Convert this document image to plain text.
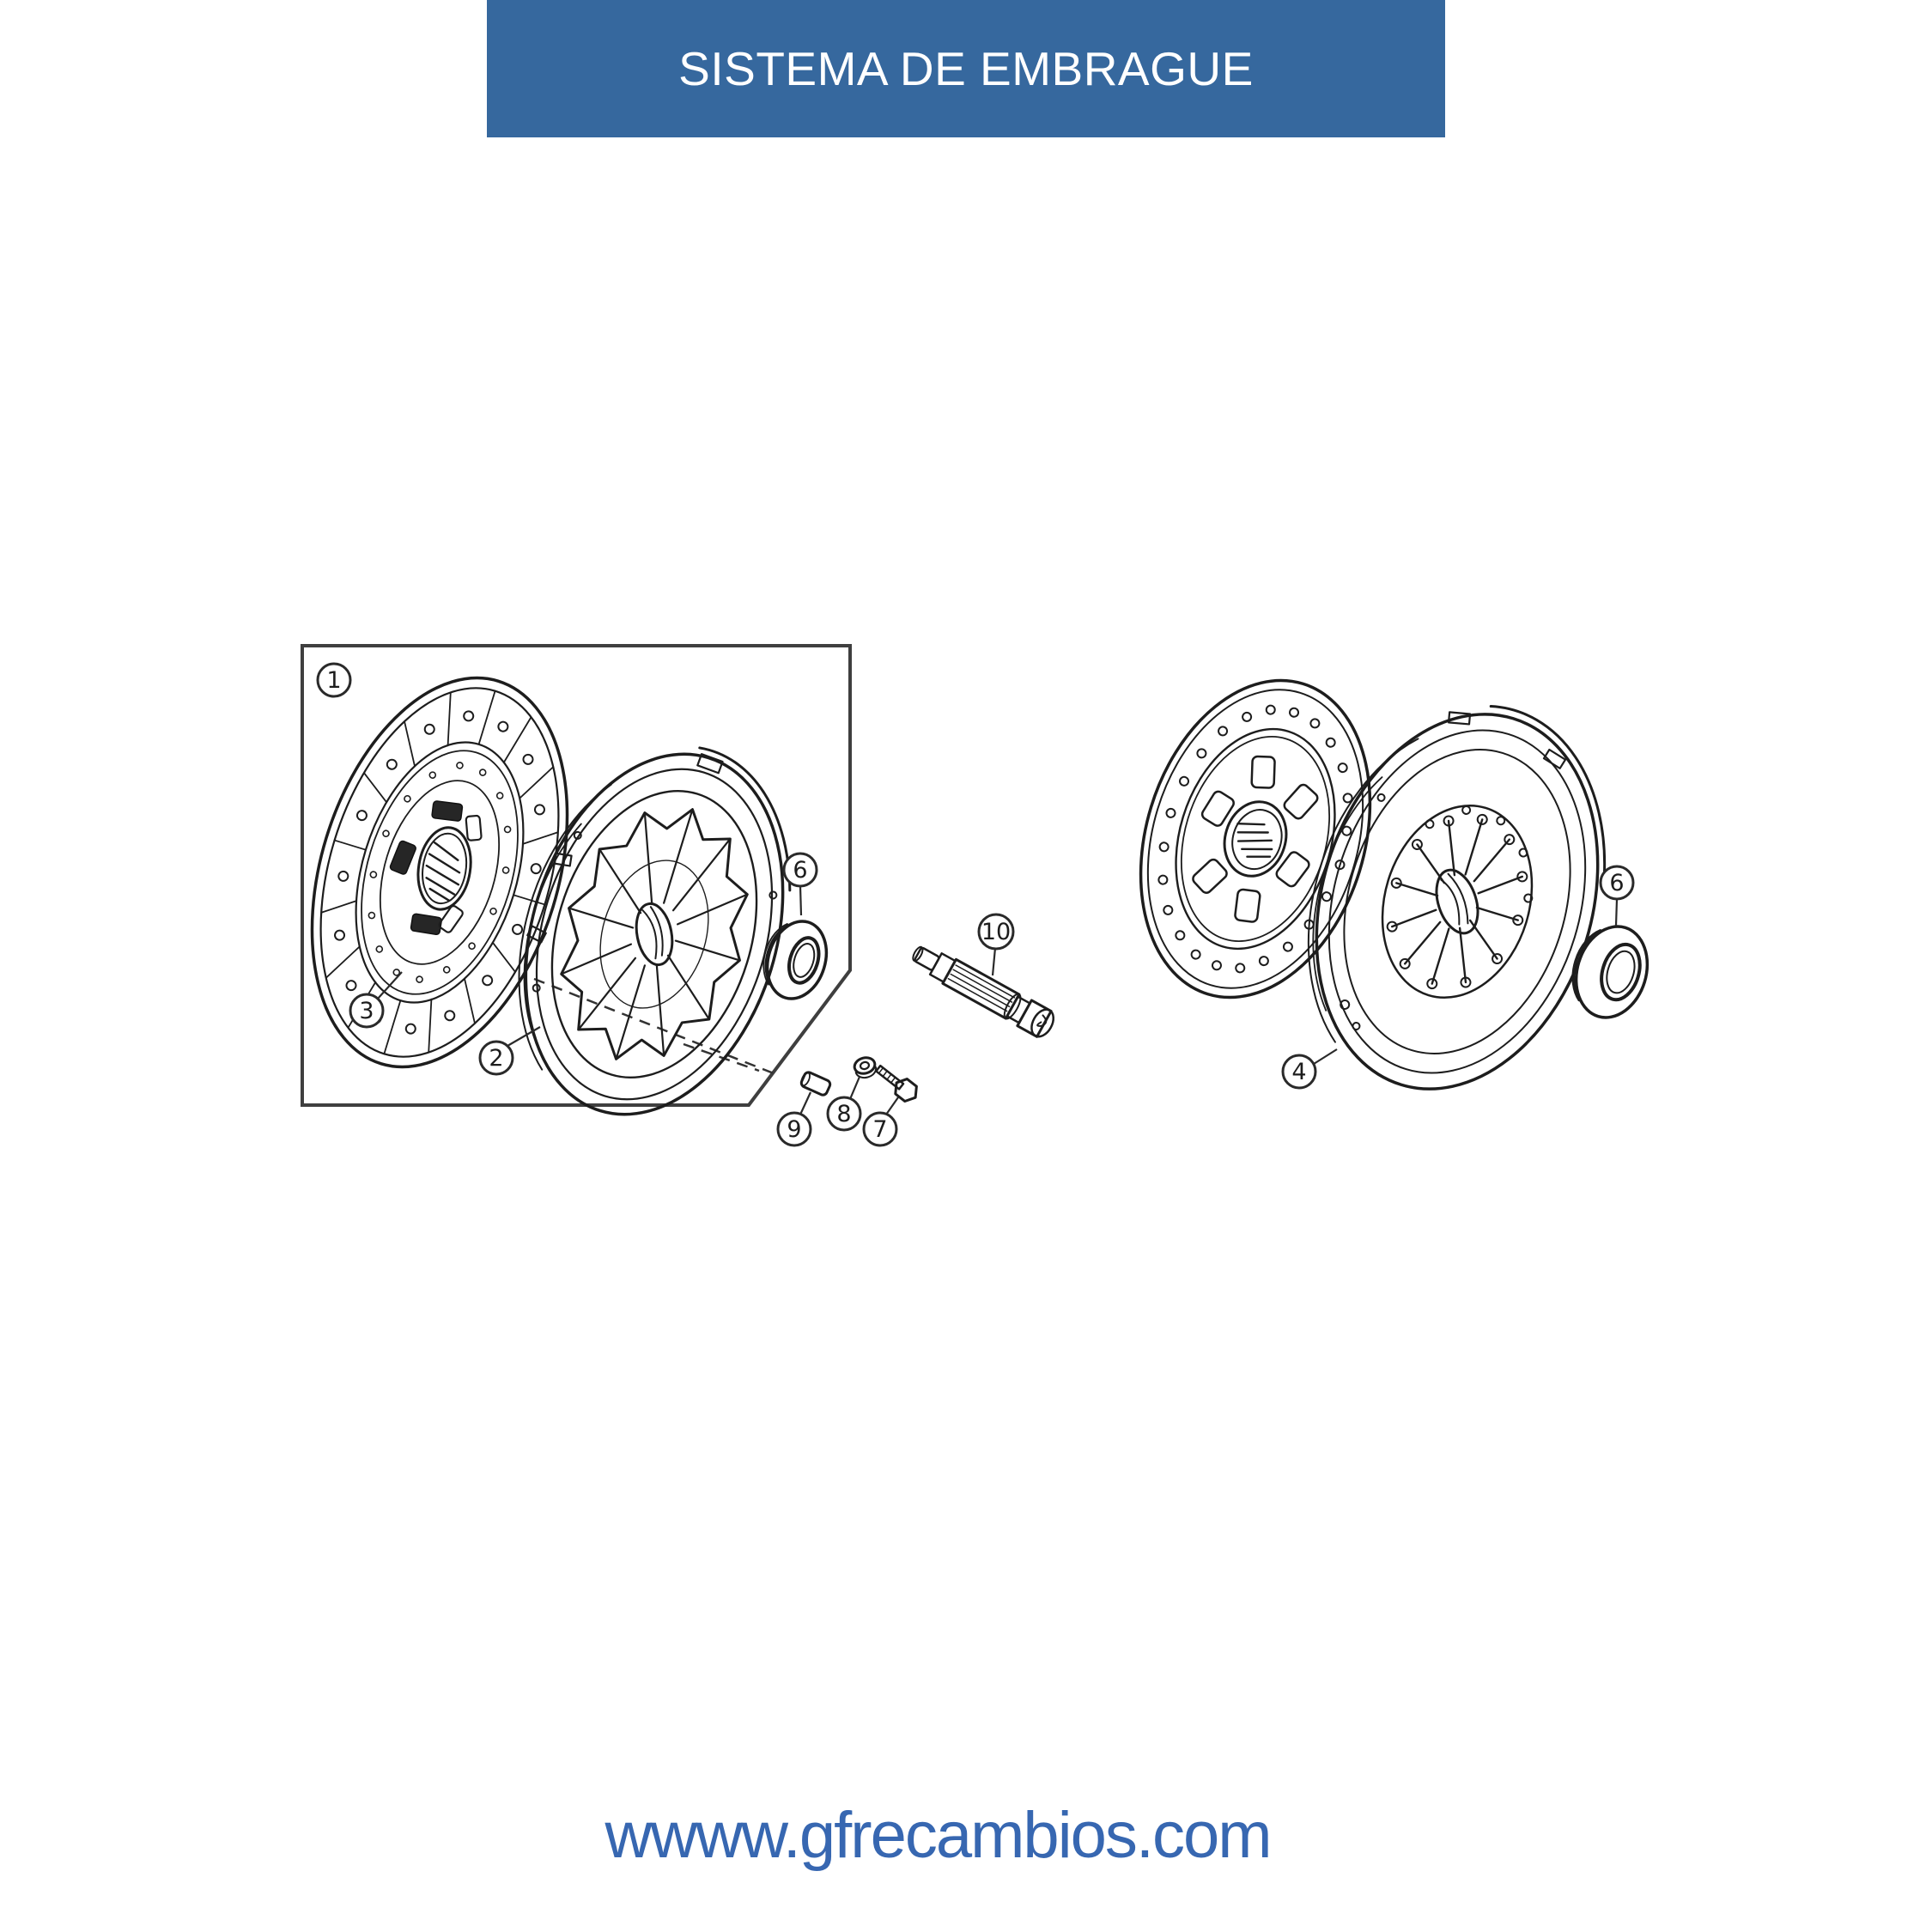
SISTEMA DE EMBRAGUE
1
3
2
6
10
9
8
7
4
6
wwww.gfrecambios.com
